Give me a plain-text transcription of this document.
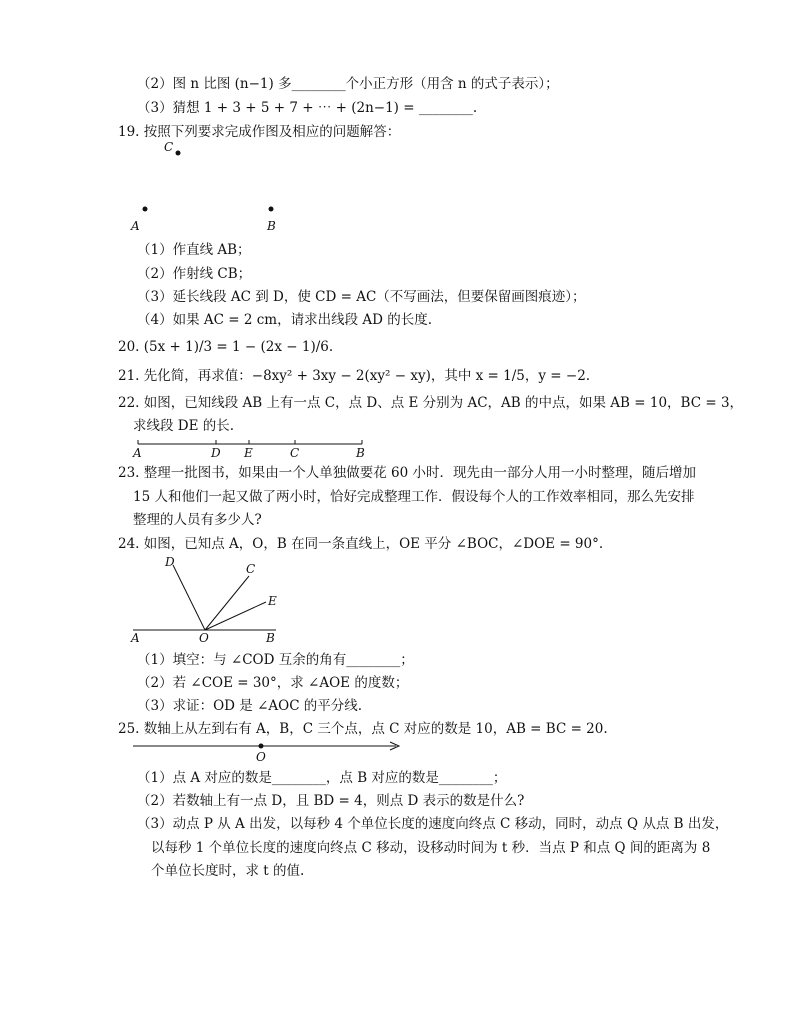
（2）图 n 比图 (n−1) 多________个小正方形（用含 n 的式子表示）；
（3）猜想 1 + 3 + 5 + 7 + ⋯ + (2n−1) = ________.
19. 按照下列要求完成作图及相应的问题解答：
C
A	B
（1）作直线 AB；
（2）作射线 CB；
（3）延长线段 AC 到 D，使 CD = AC（不写画法，但要保留画图痕迹）；
（4）如果 AC = 2 cm，请求出线段 AD 的长度.
20. (5x + 1)/3 = 1 − (2x − 1)/6.
21. 先化简，再求值：−8xy² + 3xy − 2(xy² − xy)，其中 x = 1/5，y = −2.
22. 如图，已知线段 AB 上有一点 C，点 D、点 E 分别为 AC，AB 的中点，如果 AB = 10，BC = 3，
求线段 DE 的长.
A	D E	C	B
23. 整理一批图书，如果由一个人单独做要花 60 小时．现先由一部分人用一小时整理，随后增加
15 人和他们一起又做了两小时，恰好完成整理工作．假设每个人的工作效率相同，那么先安排
整理的人员有多少人?
24. 如图，已知点 A，O，B 在同一条直线上，OE 平分 ∠BOC，∠DOE = 90°.
D	C
E
A	O	B
（1）填空：与 ∠COD 互余的角有________；
（2）若 ∠COE = 30°，求 ∠AOE 的度数；
（3）求证：OD 是 ∠AOC 的平分线.
25. 数轴上从左到右有 A，B，C 三个点，点 C 对应的数是 10，AB = BC = 20.
O
（1）点 A 对应的数是________，点 B 对应的数是________；
（2）若数轴上有一点 D，且 BD = 4，则点 D 表示的数是什么?
（3）动点 P 从 A 出发，以每秒 4 个单位长度的速度向终点 C 移动，同时，动点 Q 从点 B 出发，
以每秒 1 个单位长度的速度向终点 C 移动，设移动时间为 t 秒．当点 P 和点 Q 间的距离为 8
个单位长度时，求 t 的值.
